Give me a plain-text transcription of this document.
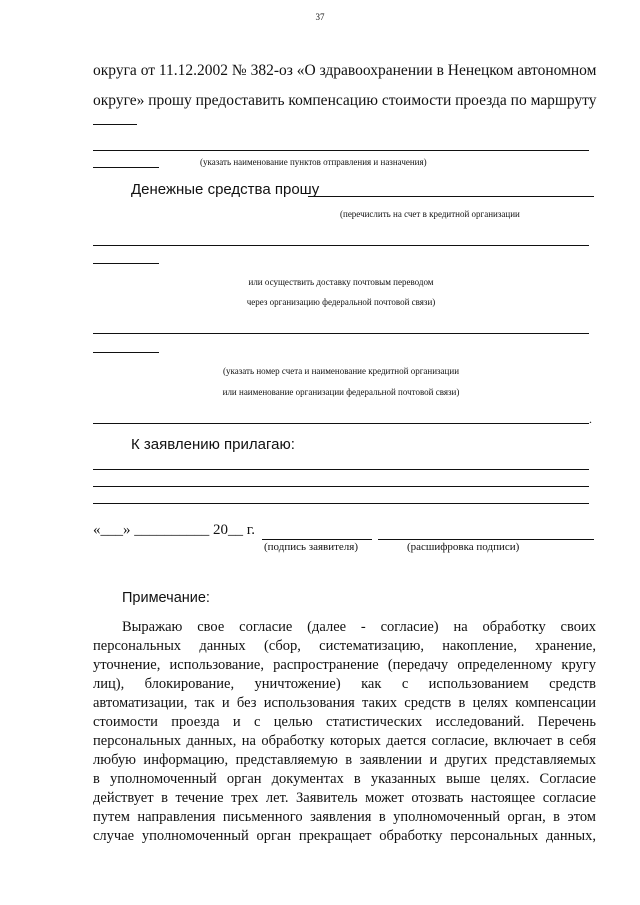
37
округа от 11.12.2002 № 382-оз «О здравоохранении в Ненецком автономном
округе» прошу предоставить компенсацию стоимости проезда по маршруту
(указать наименование пунктов отправления и назначения)
Денежные средства прошу
(перечислить на счет в кредитной организации
или осуществить доставку почтовым переводом
через организацию федеральной почтовой связи)
(указать номер счета и наименование кредитной организации
или наименование организации федеральной почтовой связи)
.
К заявлению прилагаю:
«___» __________ 20__ г.
(подпись заявителя)	(расшифровка подписи)
Примечание:
Выражаю свое согласие (далее - согласие) на обработку своих
персональных данных (сбор, систематизацию, накопление, хранение,
уточнение, использование, распространение (передачу определенному кругу
лиц), блокирование, уничтожение) как с использованием средств
автоматизации, так и без использования таких средств в целях компенсации
стоимости проезда и с целью статистических исследований. Перечень
персональных данных, на обработку которых дается согласие, включает в себя
любую информацию, представляемую в заявлении и других представляемых
в уполномоченный орган документах в указанных выше целях. Согласие
действует в течение трех лет. Заявитель может отозвать настоящее согласие
путем направления письменного заявления в уполномоченный орган, в этом
случае уполномоченный орган прекращает обработку персональных данных,
